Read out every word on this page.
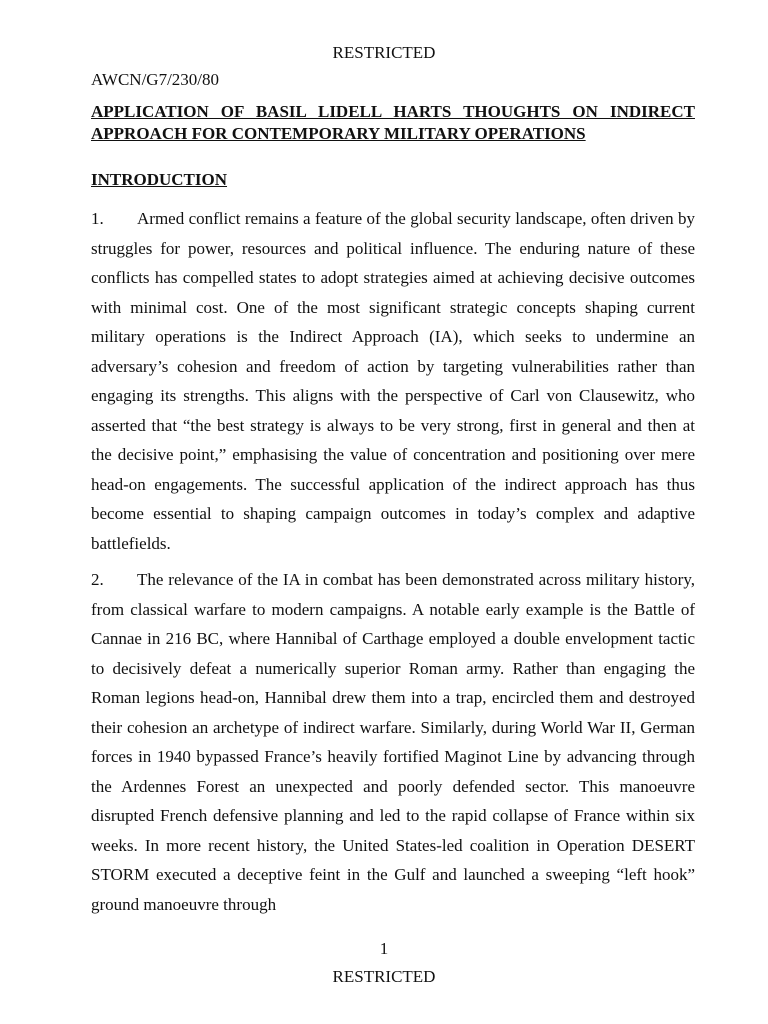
RESTRICTED
AWCN/G7/230/80
APPLICATION OF BASIL LIDELL HARTS THOUGHTS ON INDIRECT APPROACH FOR CONTEMPORARY MILITARY OPERATIONS
INTRODUCTION

1. Armed conflict remains a feature of the global security landscape, often driven by struggles for power, resources and political influence. The enduring nature of these conflicts has compelled states to adopt strategies aimed at achieving decisive outcomes with minimal cost. One of the most significant strategic concepts shaping current military operations is the Indirect Approach (IA), which seeks to undermine an adversary’s cohesion and freedom of action by targeting vulnerabilities rather than engaging its strengths. This aligns with the perspective of Carl von Clausewitz, who asserted that “the best strategy is always to be very strong, first in general and then at the decisive point,” emphasising the value of concentration and positioning over mere head-on engagements. The successful application of the indirect approach has thus become essential to shaping campaign outcomes in today’s complex and adaptive battlefields.

2. The relevance of the IA in combat has been demonstrated across military history, from classical warfare to modern campaigns. A notable early example is the Battle of Cannae in 216 BC, where Hannibal of Carthage employed a double envelopment tactic to decisively defeat a numerically superior Roman army. Rather than engaging the Roman legions head-on, Hannibal drew them into a trap, encircled them and destroyed their cohesion an archetype of indirect warfare. Similarly, during World War II, German forces in 1940 bypassed France’s heavily fortified Maginot Line by advancing through the Ardennes Forest an unexpected and poorly defended sector. This manoeuvre disrupted French defensive planning and led to the rapid collapse of France within six weeks. In more recent history, the United States-led coalition in Operation DESERT STORM executed a deceptive feint in the Gulf and launched a sweeping “left hook” ground manoeuvre through

1
RESTRICTED
